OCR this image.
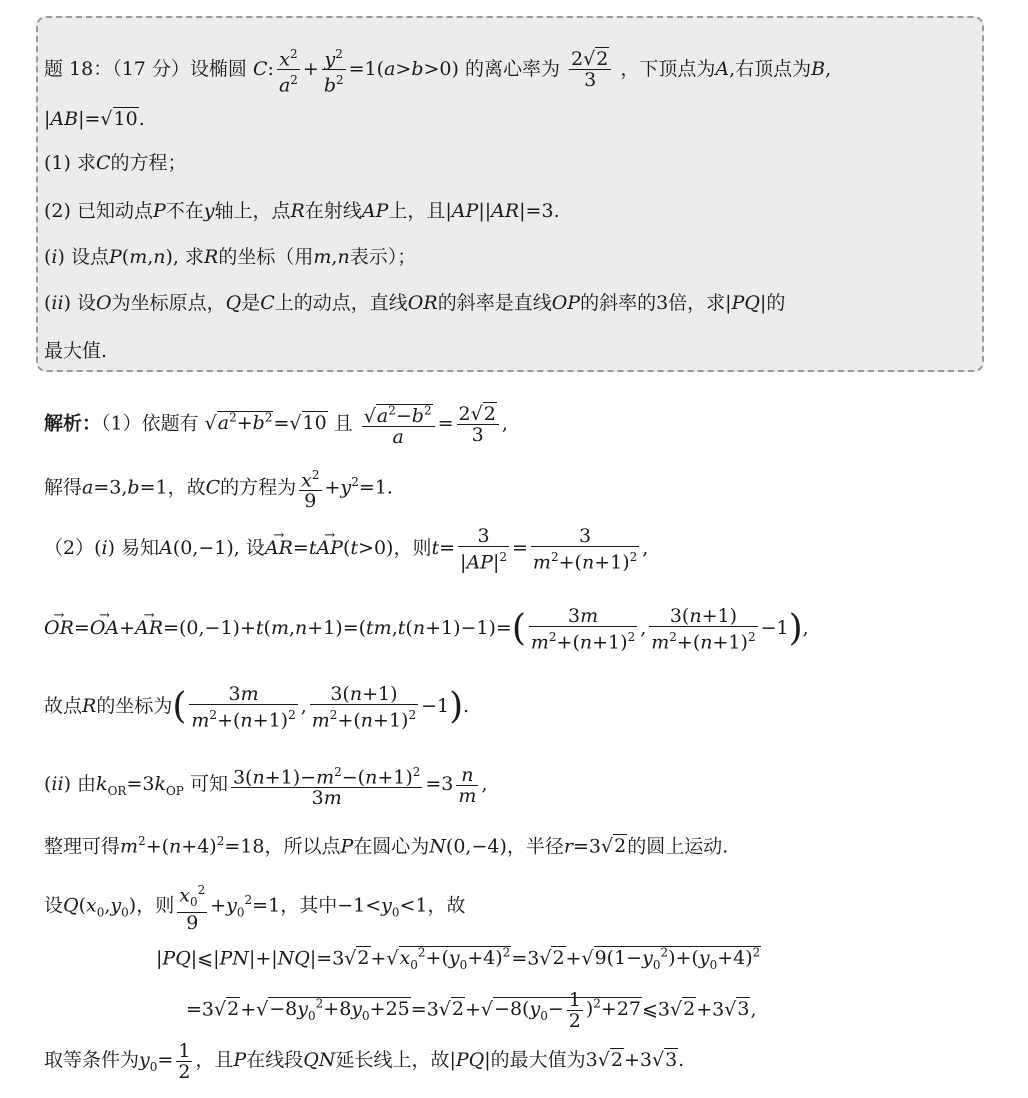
题 18：（17 分）设椭圆 C: $\frac{x^2}{a^2} + \frac{y^2}{b^2} =1(a>b>0)$ 的离心率为 $\frac{2√2}{3}$ ，下顶点为A,右顶点为B,
|AB|=√10.
(1) 求C的方程；
(2) 已知动点P不在y轴上，点R在射线AP上，且|AP||AR|=3.
(i) 设点P(m,n), 求R的坐标（用m,n表示）；
(ii) 设O为坐标原点，Q是C上的动点，直线OR的斜率是直线OP的斜率的3倍，求|PQ|的
最大值.
解析：（1）依题有 $√a^2+b^2=√10$ 且 $\frac{√a^2-b^2}{a} = \frac{2√2}{3}$ ,
解得a=3,b=1，故C的方程为 $\frac{x^2}{9} +y^2=1$.
（2）(i) 易知A(0,−1), 设→ AR=t→ AP(t>0)，则$t= \frac{3}{|AP|^2} = \frac{3}{m^2+(n+1)^2}$ ,
→ $OR=\to OA+\to AR=(0,-1)+t(m,n+1)=(tm,t(n+1)-1)=( \frac{3m}{m^2+(n+1)^2}$ , $\frac{3(n+1)}{m^2+(n+1)^2} -1$),
故点R的坐标为( $\frac{3m}{m^2+(n+1)^2}$ , $\frac{3(n+1)}{m^2+(n+1)^2} -1$).
(ii) 由$k_{OR}=3k_{OP}$ 可知 $\frac{3(n+1)-m^2-(n+1)^2}{3m} =3 \frac{n}{m}$ ,
整理可得$m^2+(n+4)^2=18$，所以点P在圆心为N(0,−4)，半径r=3√2的圆上运动.
设$Q(x_0,y_0)$，则 $\frac{x_0^2}{9} +y_0^2=1$，其中$-1<y_0<1$，故
$|PQ|⩽|PN|+|NQ|=3√2+√x_0^2+(y_0+4)^2=3√2+√9(1-y_0^2)+(y_0+4)^2$
$=3√2+√-8y_0^2+8y_0+25=3√2+√-8(y_0- \frac{1}{2}$ )$^2+27⩽3√2+3√3$,
取等条件为$y_0= \frac{1}{2}$ ，且P在线段QN延长线上，故|PQ|的最大值为3√2+3√3.
